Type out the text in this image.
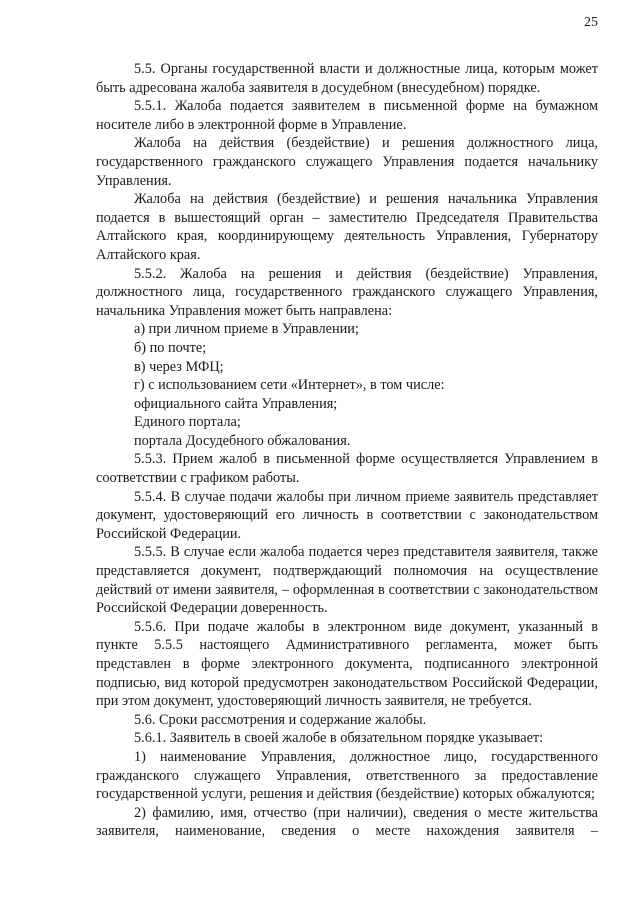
25

5.5. Органы государственной власти и должностные лица, которым может быть адресована жалоба заявителя в досудебном (внесудебном) порядке.

5.5.1. Жалоба подается заявителем в письменной форме на бумажном носителе либо в электронной форме в Управление.

Жалоба на действия (бездействие) и решения должностного лица, государственного гражданского служащего Управления подается начальнику Управления.

Жалоба на действия (бездействие) и решения начальника Управления подается в вышестоящий орган – заместителю Председателя Правительства Алтайского края, координирующему деятельность Управления, Губернатору Алтайского края.

5.5.2. Жалоба на решения и действия (бездействие) Управления, должностного лица, государственного гражданского служащего Управления, начальника Управления может быть направлена:

а) при личном приеме в Управлении;

б) по почте;

в) через МФЦ;

г) с использованием сети «Интернет», в том числе:

официального сайта Управления;

Единого портала;

портала Досудебного обжалования.

5.5.3. Прием жалоб в письменной форме осуществляется Управлением в соответствии с графиком работы.

5.5.4. В случае подачи жалобы при личном приеме заявитель представляет документ, удостоверяющий его личность в соответствии с законодательством Российской Федерации.

5.5.5. В случае если жалоба подается через представителя заявителя, также представляется документ, подтверждающий полномочия на осуществление действий от имени заявителя, – оформленная в соответствии с законодательством Российской Федерации доверенность.

5.5.6. При подаче жалобы в электронном виде документ, указанный в пункте 5.5.5 настоящего Административного регламента, может быть представлен в форме электронного документа, подписанного электронной подписью, вид которой предусмотрен законодательством Российской Федерации, при этом документ, удостоверяющий личность заявителя, не требуется.

5.6. Сроки рассмотрения и содержание жалобы.

5.6.1. Заявитель в своей жалобе в обязательном порядке указывает:

1) наименование Управления, должностное лицо, государственного гражданского служащего Управления, ответственного за предоставление государственной услуги, решения и действия (бездействие) которых обжалуются;

2) фамилию, имя, отчество (при наличии), сведения о месте жительства заявителя, наименование, сведения о месте нахождения заявителя –
